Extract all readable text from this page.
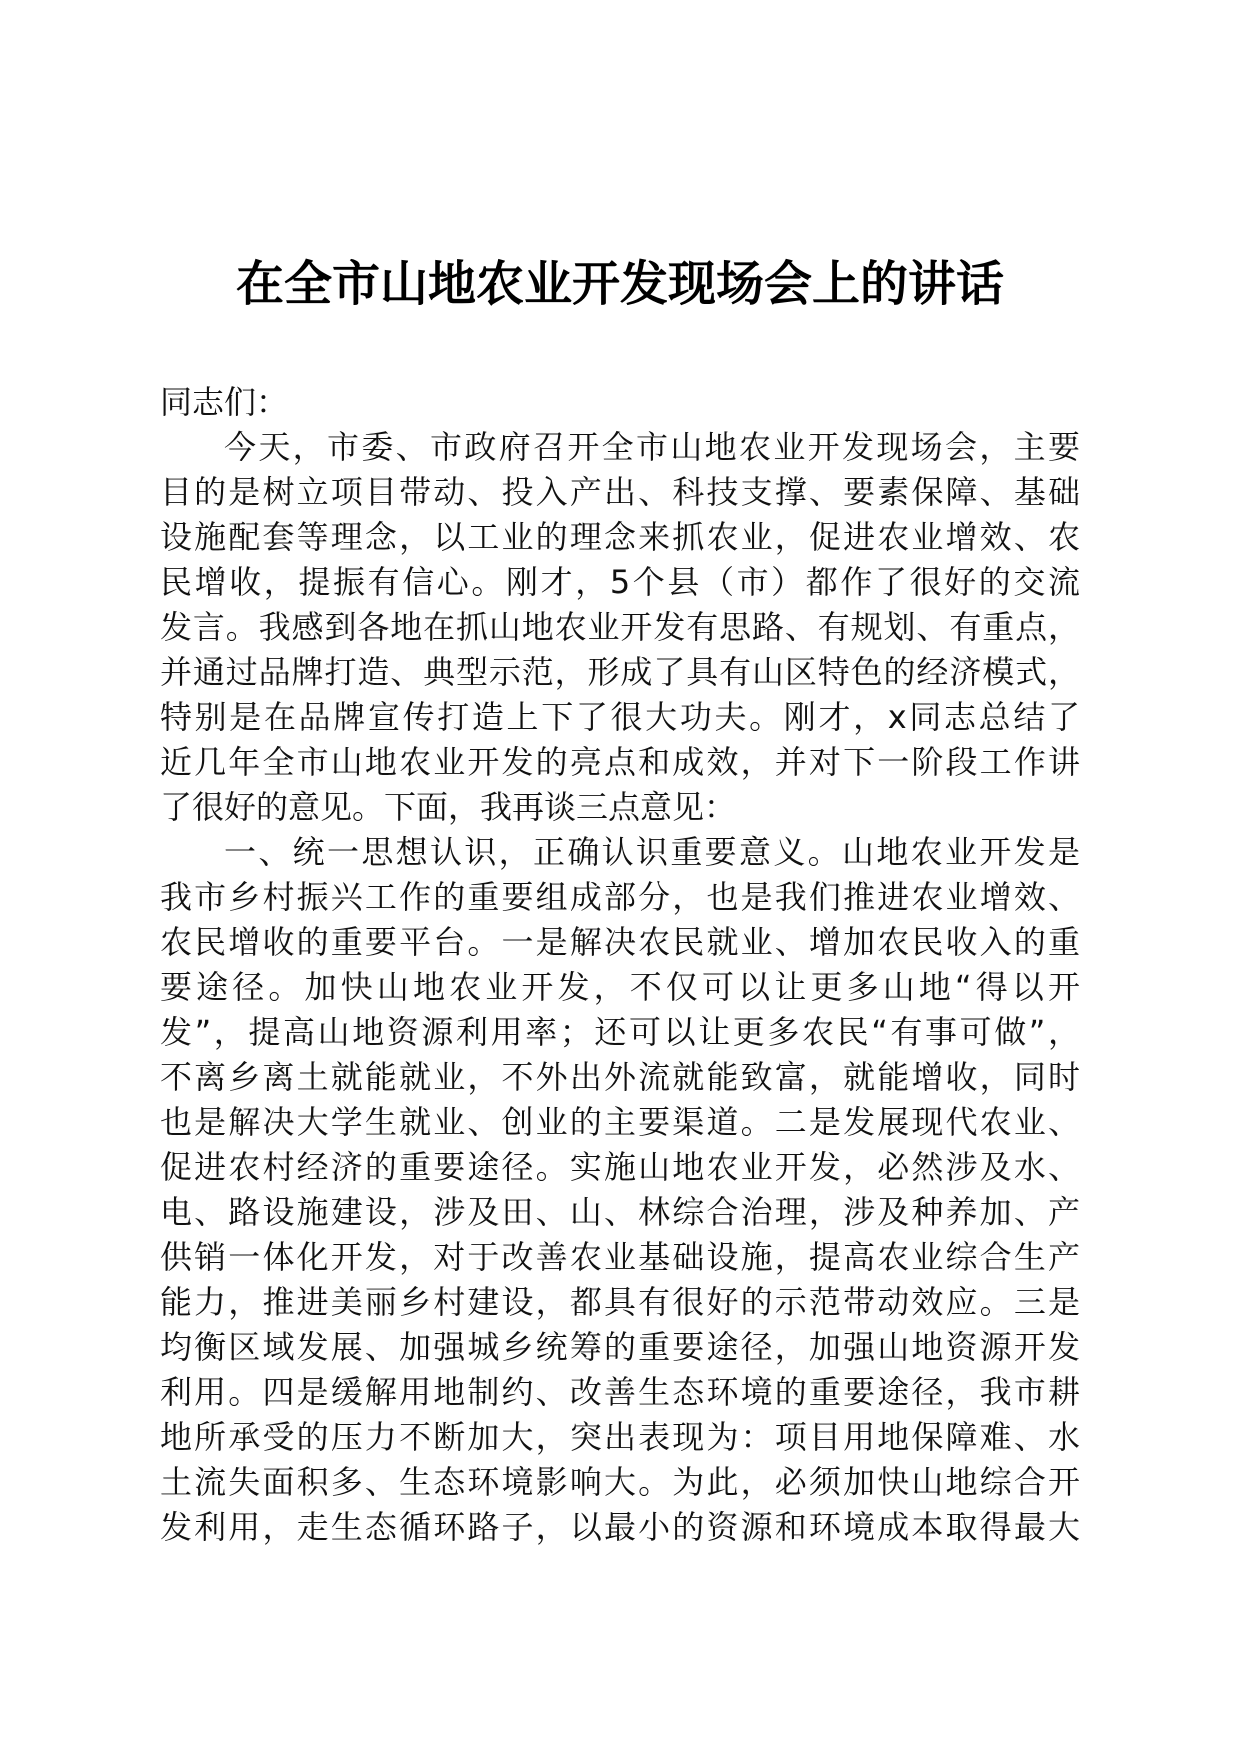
在全市山地农业开发现场会上的讲话
同志们：
今天，市委、市政府召开全市山地农业开发现场会，主要
目的是树立项目带动、投入产出、科技支撑、要素保障、基础
设施配套等理念，以工业的理念来抓农业，促进农业增效、农
民增收，提振有信心。刚才，5个县（市）都作了很好的交流
发言。我感到各地在抓山地农业开发有思路、有规划、有重点，
并通过品牌打造、典型示范，形成了具有山区特色的经济模式，
特别是在品牌宣传打造上下了很大功夫。刚才，x同志总结了
近几年全市山地农业开发的亮点和成效，并对下一阶段工作讲
了很好的意见。下面，我再谈三点意见：
一、统一思想认识，正确认识重要意义。山地农业开发是
我市乡村振兴工作的重要组成部分，也是我们推进农业增效、
农民增收的重要平台。一是解决农民就业、增加农民收入的重
要途径。加快山地农业开发，不仅可以让更多山地“得以开
发”，提高山地资源利用率；还可以让更多农民“有事可做”，
不离乡离土就能就业，不外出外流就能致富，就能增收，同时
也是解决大学生就业、创业的主要渠道。二是发展现代农业、
促进农村经济的重要途径。实施山地农业开发，必然涉及水、
电、路设施建设，涉及田、山、林综合治理，涉及种养加、产
供销一体化开发，对于改善农业基础设施，提高农业综合生产
能力，推进美丽乡村建设，都具有很好的示范带动效应。三是
均衡区域发展、加强城乡统筹的重要途径，加强山地资源开发
利用。四是缓解用地制约、改善生态环境的重要途径，我市耕
地所承受的压力不断加大，突出表现为：项目用地保障难、水
土流失面积多、生态环境影响大。为此，必须加快山地综合开
发利用，走生态循环路子，以最小的资源和环境成本取得最大
